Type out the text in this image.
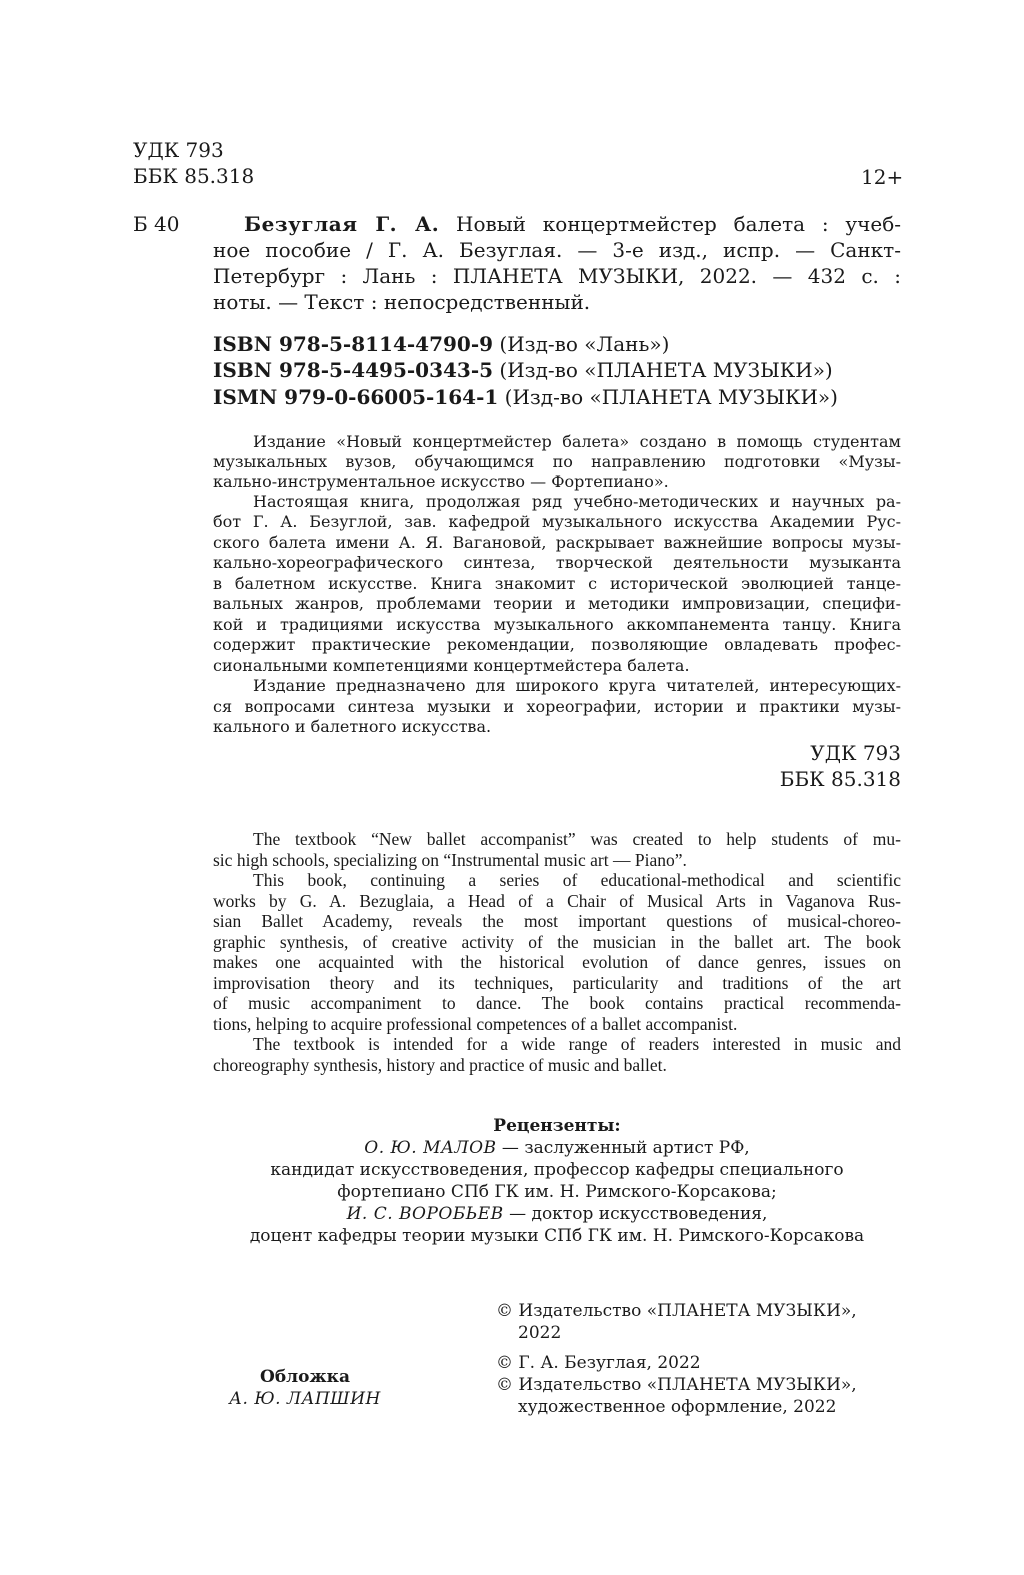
УДК 793
ББК 85.318	12+
Б 40	Безуглая Г. А. Новый концертмейстер балета : учеб-
ное пособие / Г. А. Безуглая. — 3-е изд., испр. — Санкт-
Петербург : Лань : ПЛАНЕТА МУЗЫКИ, 2022. — 432 с. :
ноты. — Текст : непосредственный.
ISBN 978-5-8114-4790-9 (Изд-во «Лань»)
ISBN 978-5-4495-0343-5 (Изд-во «ПЛАНЕТА МУЗЫКИ»)
ISMN 979-0-66005-164-1 (Изд-во «ПЛАНЕТА МУЗЫКИ»)
Издание «Новый концертмейстер балета» создано в помощь студентам
музыкальных вузов, обучающимся по направлению подготовки «Музы-
кально-инструментальное искусство — Фортепиано».
Настоящая книга, продолжая ряд учебно-методических и научных ра-
бот Г. А. Безуглой, зав. кафедрой музыкального искусства Академии Рус-
ского балета имени А. Я. Вагановой, раскрывает важнейшие вопросы музы-
кально-хореографического синтеза, творческой деятельности музыканта
в балетном искусстве. Книга знакомит с исторической эволюцией танце-
вальных жанров, проблемами теории и методики импровизации, специфи-
кой и традициями искусства музыкального аккомпанемента танцу. Книга
содержит практические рекомендации, позволяющие овладевать профес-
сиональными компетенциями концертмейстера балета.
Издание предназначено для широкого круга читателей, интересующих-
ся вопросами синтеза музыки и хореографии, истории и практики музы-
кального и балетного искусства.
УДК 793
ББК 85.318
The textbook “New ballet accompanist” was created to help students of mu-
sic high schools, specializing on “Instrumental music art — Piano”.
This book, continuing a series of educational-methodical and scientific
works by G. A. Bezuglaia, a Head of a Chair of Musical Arts in Vaganova Rus-
sian Ballet Academy, reveals the most important questions of musical-choreo-
graphic synthesis, of creative activity of the musician in the ballet art. The book
makes one acquainted with the historical evolution of dance genres, issues on
improvisation theory and its techniques, particularity and traditions of the art
of music accompaniment to dance. The book contains practical recommenda-
tions, helping to acquire professional competences of a ballet accompanist.
The textbook is intended for a wide range of readers interested in music and
choreography synthesis, history and practice of music and ballet.
Рецензенты:
О. Ю. МАЛОВ — заслуженный артист РФ,
кандидат искусствоведения, профессор кафедры специального
фортепиано СПб ГК им. Н. Римского-Корсакова;
И. С. ВОРОБЬЕВ — доктор искусствоведения,
доцент кафедры теории музыки СПб ГК им. Н. Римского-Корсакова
© Издательство «ПЛАНЕТА МУЗЫКИ»,
2022
© Г. А. Безуглая, 2022
© Издательство «ПЛАНЕТА МУЗЫКИ»,
художественное оформление, 2022
Обложка
А. Ю. ЛАПШИН
